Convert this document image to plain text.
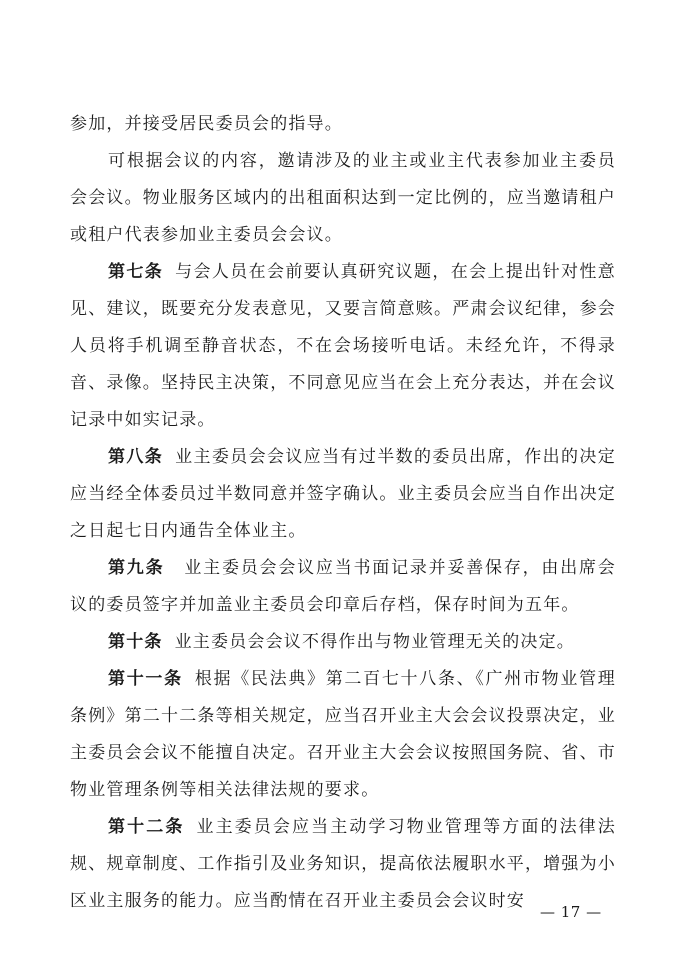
参加，并接受居民委员会的指导。

可根据会议的内容，邀请涉及的业主或业主代表参加业主委员会会议。物业服务区域内的出租面积达到一定比例的，应当邀请租户或租户代表参加业主委员会会议。

第七条 与会人员在会前要认真研究议题，在会上提出针对性意见、建议，既要充分发表意见，又要言简意赅。严肃会议纪律，参会人员将手机调至静音状态，不在会场接听电话。未经允许，不得录音、录像。坚持民主决策，不同意见应当在会上充分表达，并在会议记录中如实记录。

第八条 业主委员会会议应当有过半数的委员出席，作出的决定应当经全体委员过半数同意并签字确认。业主委员会应当自作出决定之日起七日内通告全体业主。

第九条 业主委员会会议应当书面记录并妥善保存，由出席会议的委员签字并加盖业主委员会印章后存档，保存时间为五年。

第十条 业主委员会会议不得作出与物业管理无关的决定。

第十一条 根据《民法典》第二百七十八条、《广州市物业管理条例》第二十二条等相关规定，应当召开业主大会会议投票决定，业主委员会会议不能擅自决定。召开业主大会会议按照国务院、省、市物业管理条例等相关法律法规的要求。

第十二条 业主委员会应当主动学习物业管理等方面的法律法规、规章制度、工作指引及业务知识，提高依法履职水平，增强为小区业主服务的能力。应当酌情在召开业主委员会会议时安

— 17 —
